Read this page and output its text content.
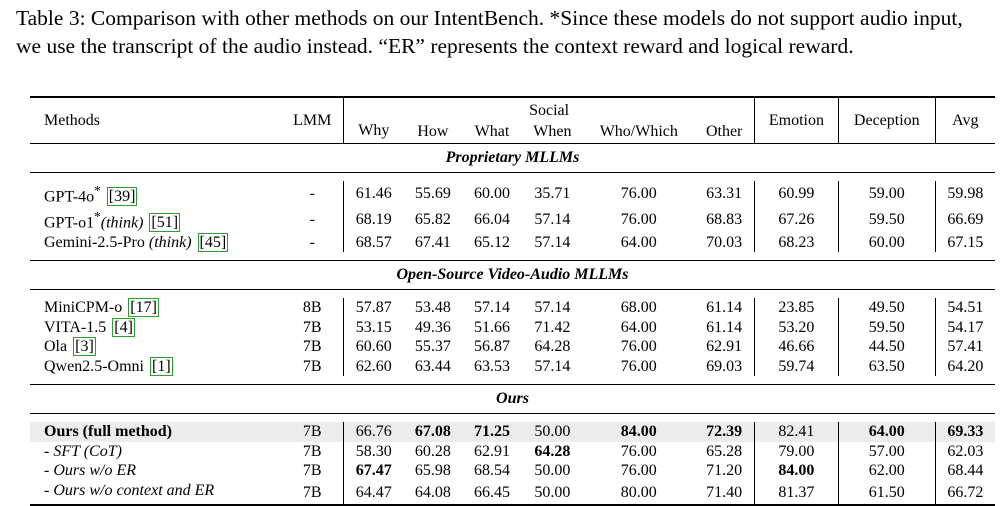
Table 3: Comparison with other methods on our IntentBench. *Since these models do not support audio input, we use the transcript of the audio instead. “ER” represents the context reward and logical reward.
Methods	LMM	Social						Emotion	Deception	Avg
		Why	How	What	When	Who/Which	Other			
Proprietary MLLMs										

GPT-4o* [39]	-	61.46	55.69	60.00	35.71	76.00	63.31	60.99	59.00	59.98
GPT-o1*(think) [51]	-	68.19	65.82	66.04	57.14	76.00	68.83	67.26	59.50	66.69
Gemini-2.5-Pro (think) [45]	-	68.57	67.41	65.12	57.14	64.00	70.03	68.23	60.00	67.15

Open-Source Video-Audio MLLMs										

MiniCPM-o [17]	8B	57.87	53.48	57.14	57.14	68.00	61.14	23.85	49.50	54.51
VITA-1.5 [4]	7B	53.15	49.36	51.66	71.42	64.00	61.14	53.20	59.50	54.17
Ola [3]	7B	60.60	55.37	56.87	64.28	76.00	62.91	46.66	44.50	57.41
Qwen2.5-Omni [1]	7B	62.60	63.44	63.53	57.14	76.00	69.03	59.74	63.50	64.20

Ours										

Ours (full method)	7B	66.76	67.08	71.25	50.00	84.00	72.39	82.41	64.00	69.33
- SFT (CoT)	7B	58.30	60.28	62.91	64.28	76.00	65.28	79.00	57.00	62.03
- Ours w/o ER	7B	67.47	65.98	68.54	50.00	76.00	71.20	84.00	62.00	68.44
- Ours w/o context and ER	7B	64.47	64.08	66.45	50.00	80.00	71.40	81.37	61.50	66.72
